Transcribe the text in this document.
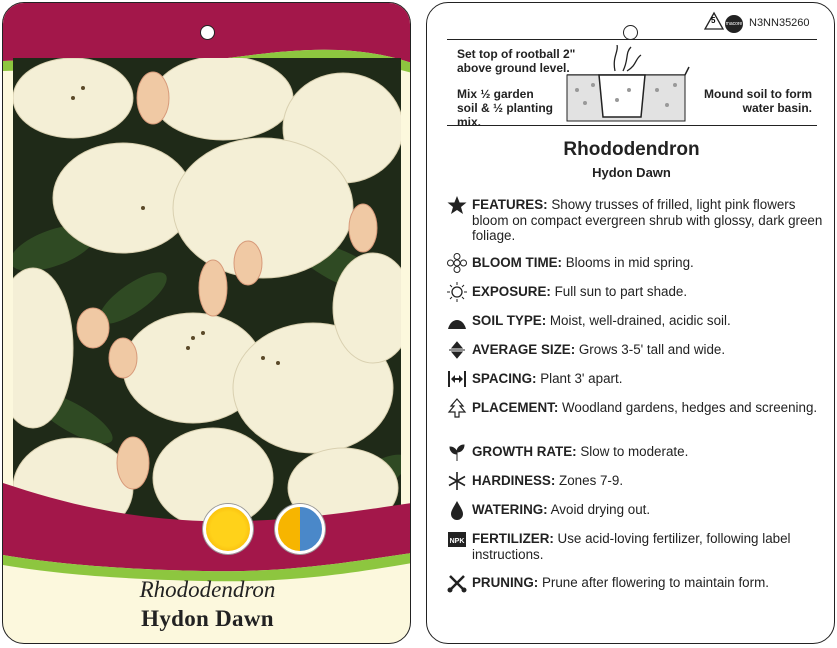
Rhododendron
Hydon Dawn
5 macore N3NN35260
Set top of rootball 2" above ground level.
Mix ½ garden soil & ½ planting mix.
Mound soil to form water basin.
Rhododendron
Hydon Dawn
FEATURES: Showy trusses of frilled, light pink flowers bloom on compact evergreen shrub with glossy, dark green foliage.
BLOOM TIME: Blooms in mid spring.
EXPOSURE: Full sun to part shade.
SOIL TYPE: Moist, well-drained, acidic soil.
AVERAGE SIZE: Grows 3-5' tall and wide.
SPACING: Plant 3' apart.
PLACEMENT: Woodland gardens, hedges and screening.
GROWTH RATE: Slow to moderate.
HARDINESS: Zones 7-9.
WATERING: Avoid drying out.
NPK FERTILIZER: Use acid-loving fertilizer, following label instructions.
PRUNING: Prune after flowering to maintain form.
